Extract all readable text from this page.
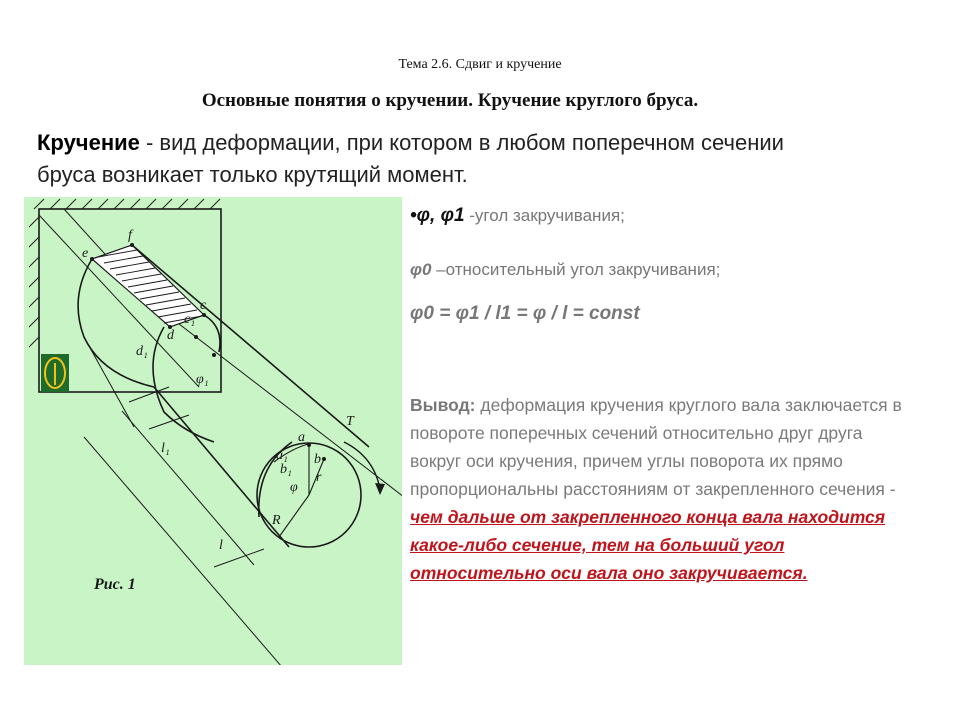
Тема 2.6. Сдвиг и кручение
Основные понятия о кручении. Кручение круглого бруса.
Кручение - вид деформации, при котором в любом поперечном сечении бруса возникает только крутящий момент.
e
f
c
c₁
d
d₁
φ₁
l₁
l
T
a
b
a₁
b₁
φ
r
R
Рис. 1
•φ, φ1 -угол закручивания;
φ0 –относительный угол закручивания;
φ0 = φ1 / l1 = φ / l = const
Вывод: деформация кручения круглого вала заключается в повороте поперечных сечений относительно друг друга вокруг оси кручения, причем углы поворота их прямо пропорциональны расстояниям от закрепленного сечения - чем дальше от закрепленного конца вала находится какое-либо сечение, тем на больший угол относительно оси вала оно закручивается.
